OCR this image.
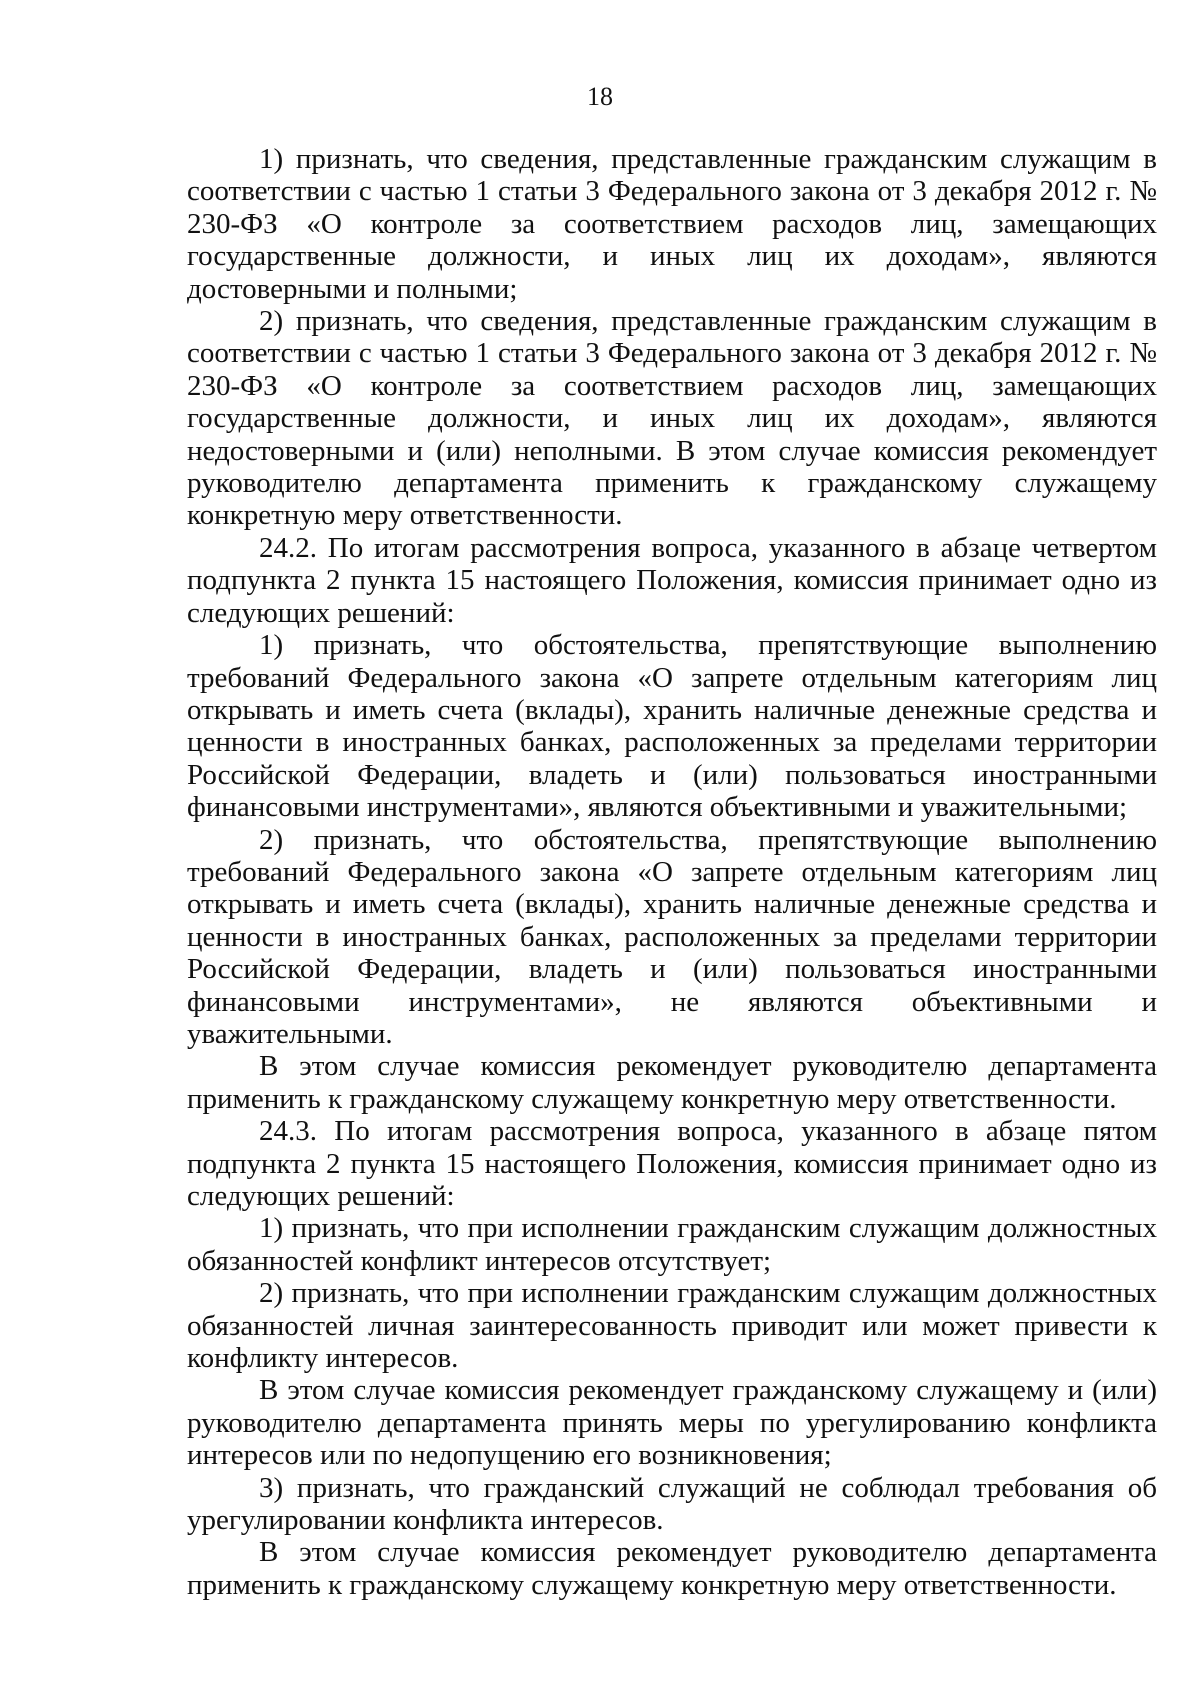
18

1) признать, что сведения, представленные гражданским служащим в соответствии с частью 1 статьи 3 Федерального закона от 3 декабря 2012 г. № 230-ФЗ «О контроле за соответствием расходов лиц, замещающих государственные должности, и иных лиц их доходам», являются достоверными и полными;

2) признать, что сведения, представленные гражданским служащим в соответствии с частью 1 статьи 3 Федерального закона от 3 декабря 2012 г. № 230-ФЗ «О контроле за соответствием расходов лиц, замещающих государственные должности, и иных лиц их доходам», являются недостоверными и (или) неполными. В этом случае комиссия рекомендует руководителю департамента применить к гражданскому служащему конкретную меру ответственности.

24.2. По итогам рассмотрения вопроса, указанного в абзаце четвертом подпункта 2 пункта 15 настоящего Положения, комиссия принимает одно из следующих решений:

1) признать, что обстоятельства, препятствующие выполнению требований Федерального закона «О запрете отдельным категориям лиц открывать и иметь счета (вклады), хранить наличные денежные средства и ценности в иностранных банках, расположенных за пределами территории Российской Федерации, владеть и (или) пользоваться иностранными финансовыми инструментами», являются объективными и уважительными;

2) признать, что обстоятельства, препятствующие выполнению требований Федерального закона «О запрете отдельным категориям лиц открывать и иметь счета (вклады), хранить наличные денежные средства и ценности в иностранных банках, расположенных за пределами территории Российской Федерации, владеть и (или) пользоваться иностранными финансовыми инструментами», не являются объективными и уважительными.

В этом случае комиссия рекомендует руководителю департамента применить к гражданскому служащему конкретную меру ответственности.

24.3. По итогам рассмотрения вопроса, указанного в абзаце пятом подпункта 2 пункта 15 настоящего Положения, комиссия принимает одно из следующих решений:

1) признать, что при исполнении гражданским служащим должностных обязанностей конфликт интересов отсутствует;

2) признать, что при исполнении гражданским служащим должностных обязанностей личная заинтересованность приводит или может привести к конфликту интересов.

В этом случае комиссия рекомендует гражданскому служащему и (или) руководителю департамента принять меры по урегулированию конфликта интересов или по недопущению его возникновения;

3) признать, что гражданский служащий не соблюдал требования об урегулировании конфликта интересов.

В этом случае комиссия рекомендует руководителю департамента применить к гражданскому служащему конкретную меру ответственности.
